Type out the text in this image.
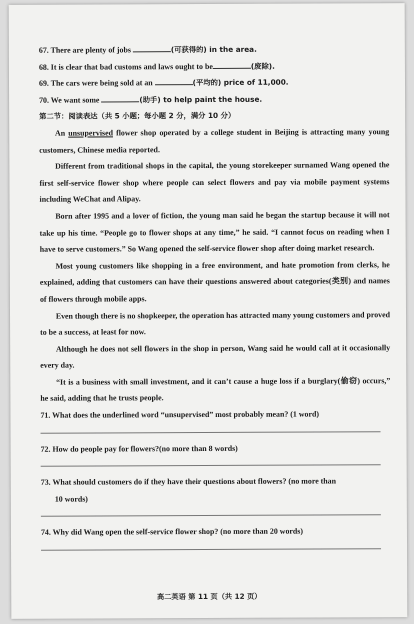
67. There are plenty of jobs	(可获得的) in the area.

68. It is clear that bad customs and laws ought to be	(废除).

69. The cars were being sold at an	(平均的) price of 11,000.

70. We want some	(助手) to help paint the house.

第二节：阅读表达（共 5 小题；每小题 2 分，满分 10 分）

An unsupervised flower shop operated by a college student in Beijing is attracting many young customers, Chinese media reported.

Different from traditional shops in the capital, the young storekeeper surnamed Wang opened the first self-service flower shop where people can select flowers and pay via mobile payment systems including WeChat and Alipay.

Born after 1995 and a lover of fiction, the young man said he began the startup because it will not take up his time. “People go to flower shops at any time,” he said. “I cannot focus on reading when I have to serve customers.” So Wang opened the self-service flower shop after doing market research.

Most young customers like shopping in a free environment, and hate promotion from clerks, he explained, adding that customers can have their questions answered about categories(类别) and names of flowers through mobile apps.

Even though there is no shopkeeper, the operation has attracted many young customers and proved to be a success, at least for now.

Although he does not sell flowers in the shop in person, Wang said he would call at it occasionally every day.

“It is a business with small investment, and it can’t cause a huge loss if a burglary(偷窃) occurs,” he said, adding that he trusts people.

71. What does the underlined word “unsupervised” most probably mean? (1 word)

72. How do people pay for flowers?(no more than 8 words)

73. What should customers do if they have their questions about flowers? (no more than

10 words)

74. Why did Wang open the self-service flower shop? (no more than 20 words)

高二英语 第 11 页（共 12 页）
